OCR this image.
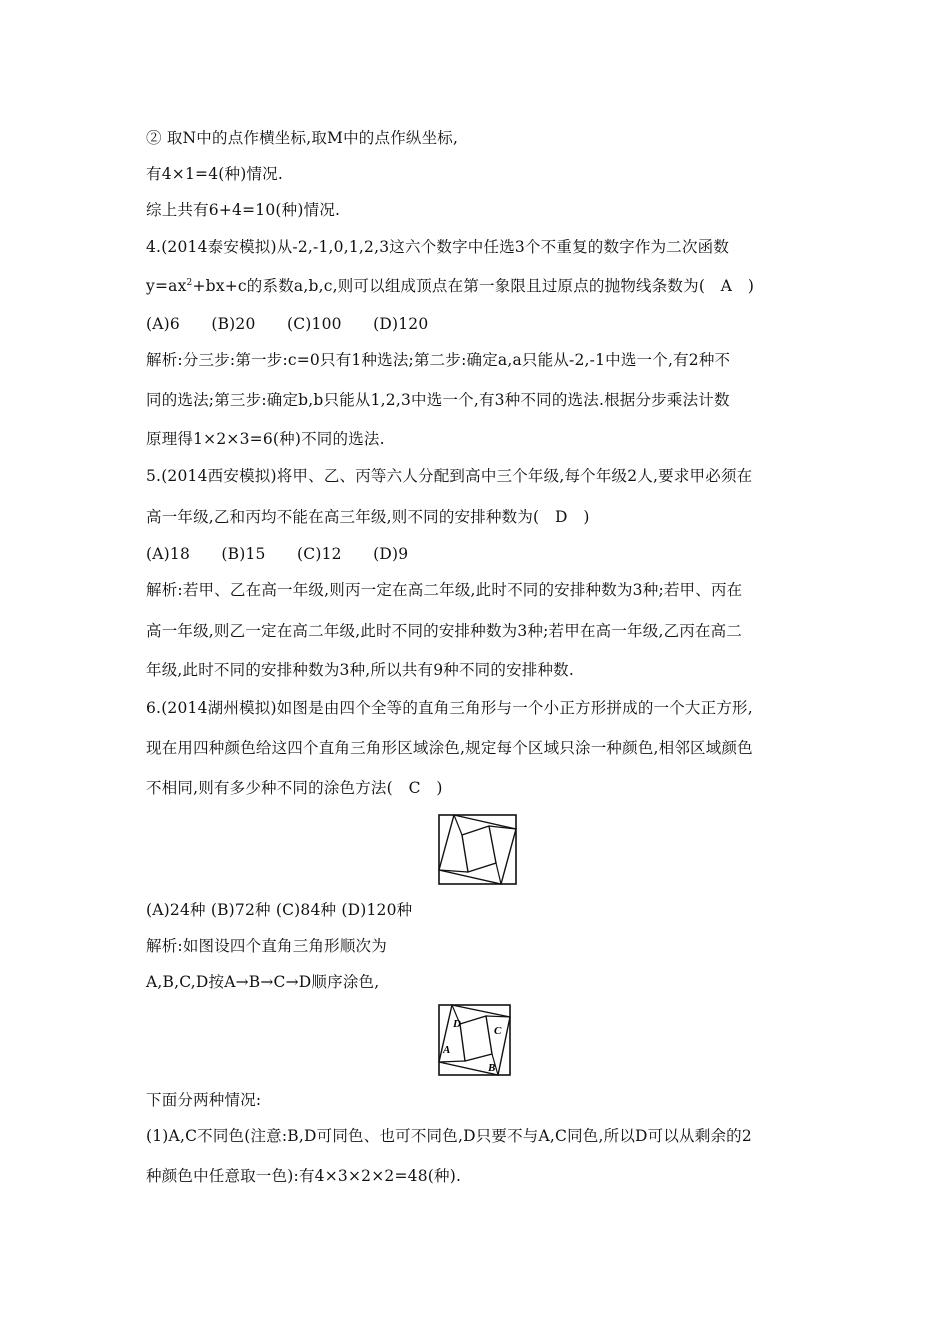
② 取N中的点作横坐标,取M中的点作纵坐标,
有4×1=4(种)情况.
综上共有6+4=10(种)情况.
4.(2014泰安模拟)从-2,-1,0,1,2,3这六个数字中任选3个不重复的数字作为二次函数
$y=ax^2+bx+c$的系数a,b,c,则可以组成顶点在第一象限且过原点的抛物线条数为(　A　)
(A)6　　(B)20　　(C)100　　(D)120
解析:分三步:第一步:c=0只有1种选法;第二步:确定a,a只能从-2,-1中选一个,有2种不
同的选法;第三步:确定b,b只能从1,2,3中选一个,有3种不同的选法.根据分步乘法计数
原理得1×2×3=6(种)不同的选法.
5.(2014西安模拟)将甲、乙、丙等六人分配到高中三个年级,每个年级2人,要求甲必须在
高一年级,乙和丙均不能在高三年级,则不同的安排种数为(　D　)
(A)18　　(B)15　　(C)12　　(D)9
解析:若甲、乙在高一年级,则丙一定在高二年级,此时不同的安排种数为3种;若甲、丙在
高一年级,则乙一定在高二年级,此时不同的安排种数为3种;若甲在高一年级,乙丙在高二
年级,此时不同的安排种数为3种,所以共有9种不同的安排种数.
6.(2014湖州模拟)如图是由四个全等的直角三角形与一个小正方形拼成的一个大正方形,
现在用四种颜色给这四个直角三角形区域涂色,规定每个区域只涂一种颜色,相邻区域颜色
不相同,则有多少种不同的涂色方法(　C　)
(A)24种 (B)72种 (C)84种 (D)120种
解析:如图设四个直角三角形顺次为
A,B,C,D按A→B→C→D顺序涂色,
D
C
A
B
下面分两种情况:
(1)A,C不同色(注意:B,D可同色、也可不同色,D只要不与A,C同色,所以D可以从剩余的2
种颜色中任意取一色):有4×3×2×2=48(种).
